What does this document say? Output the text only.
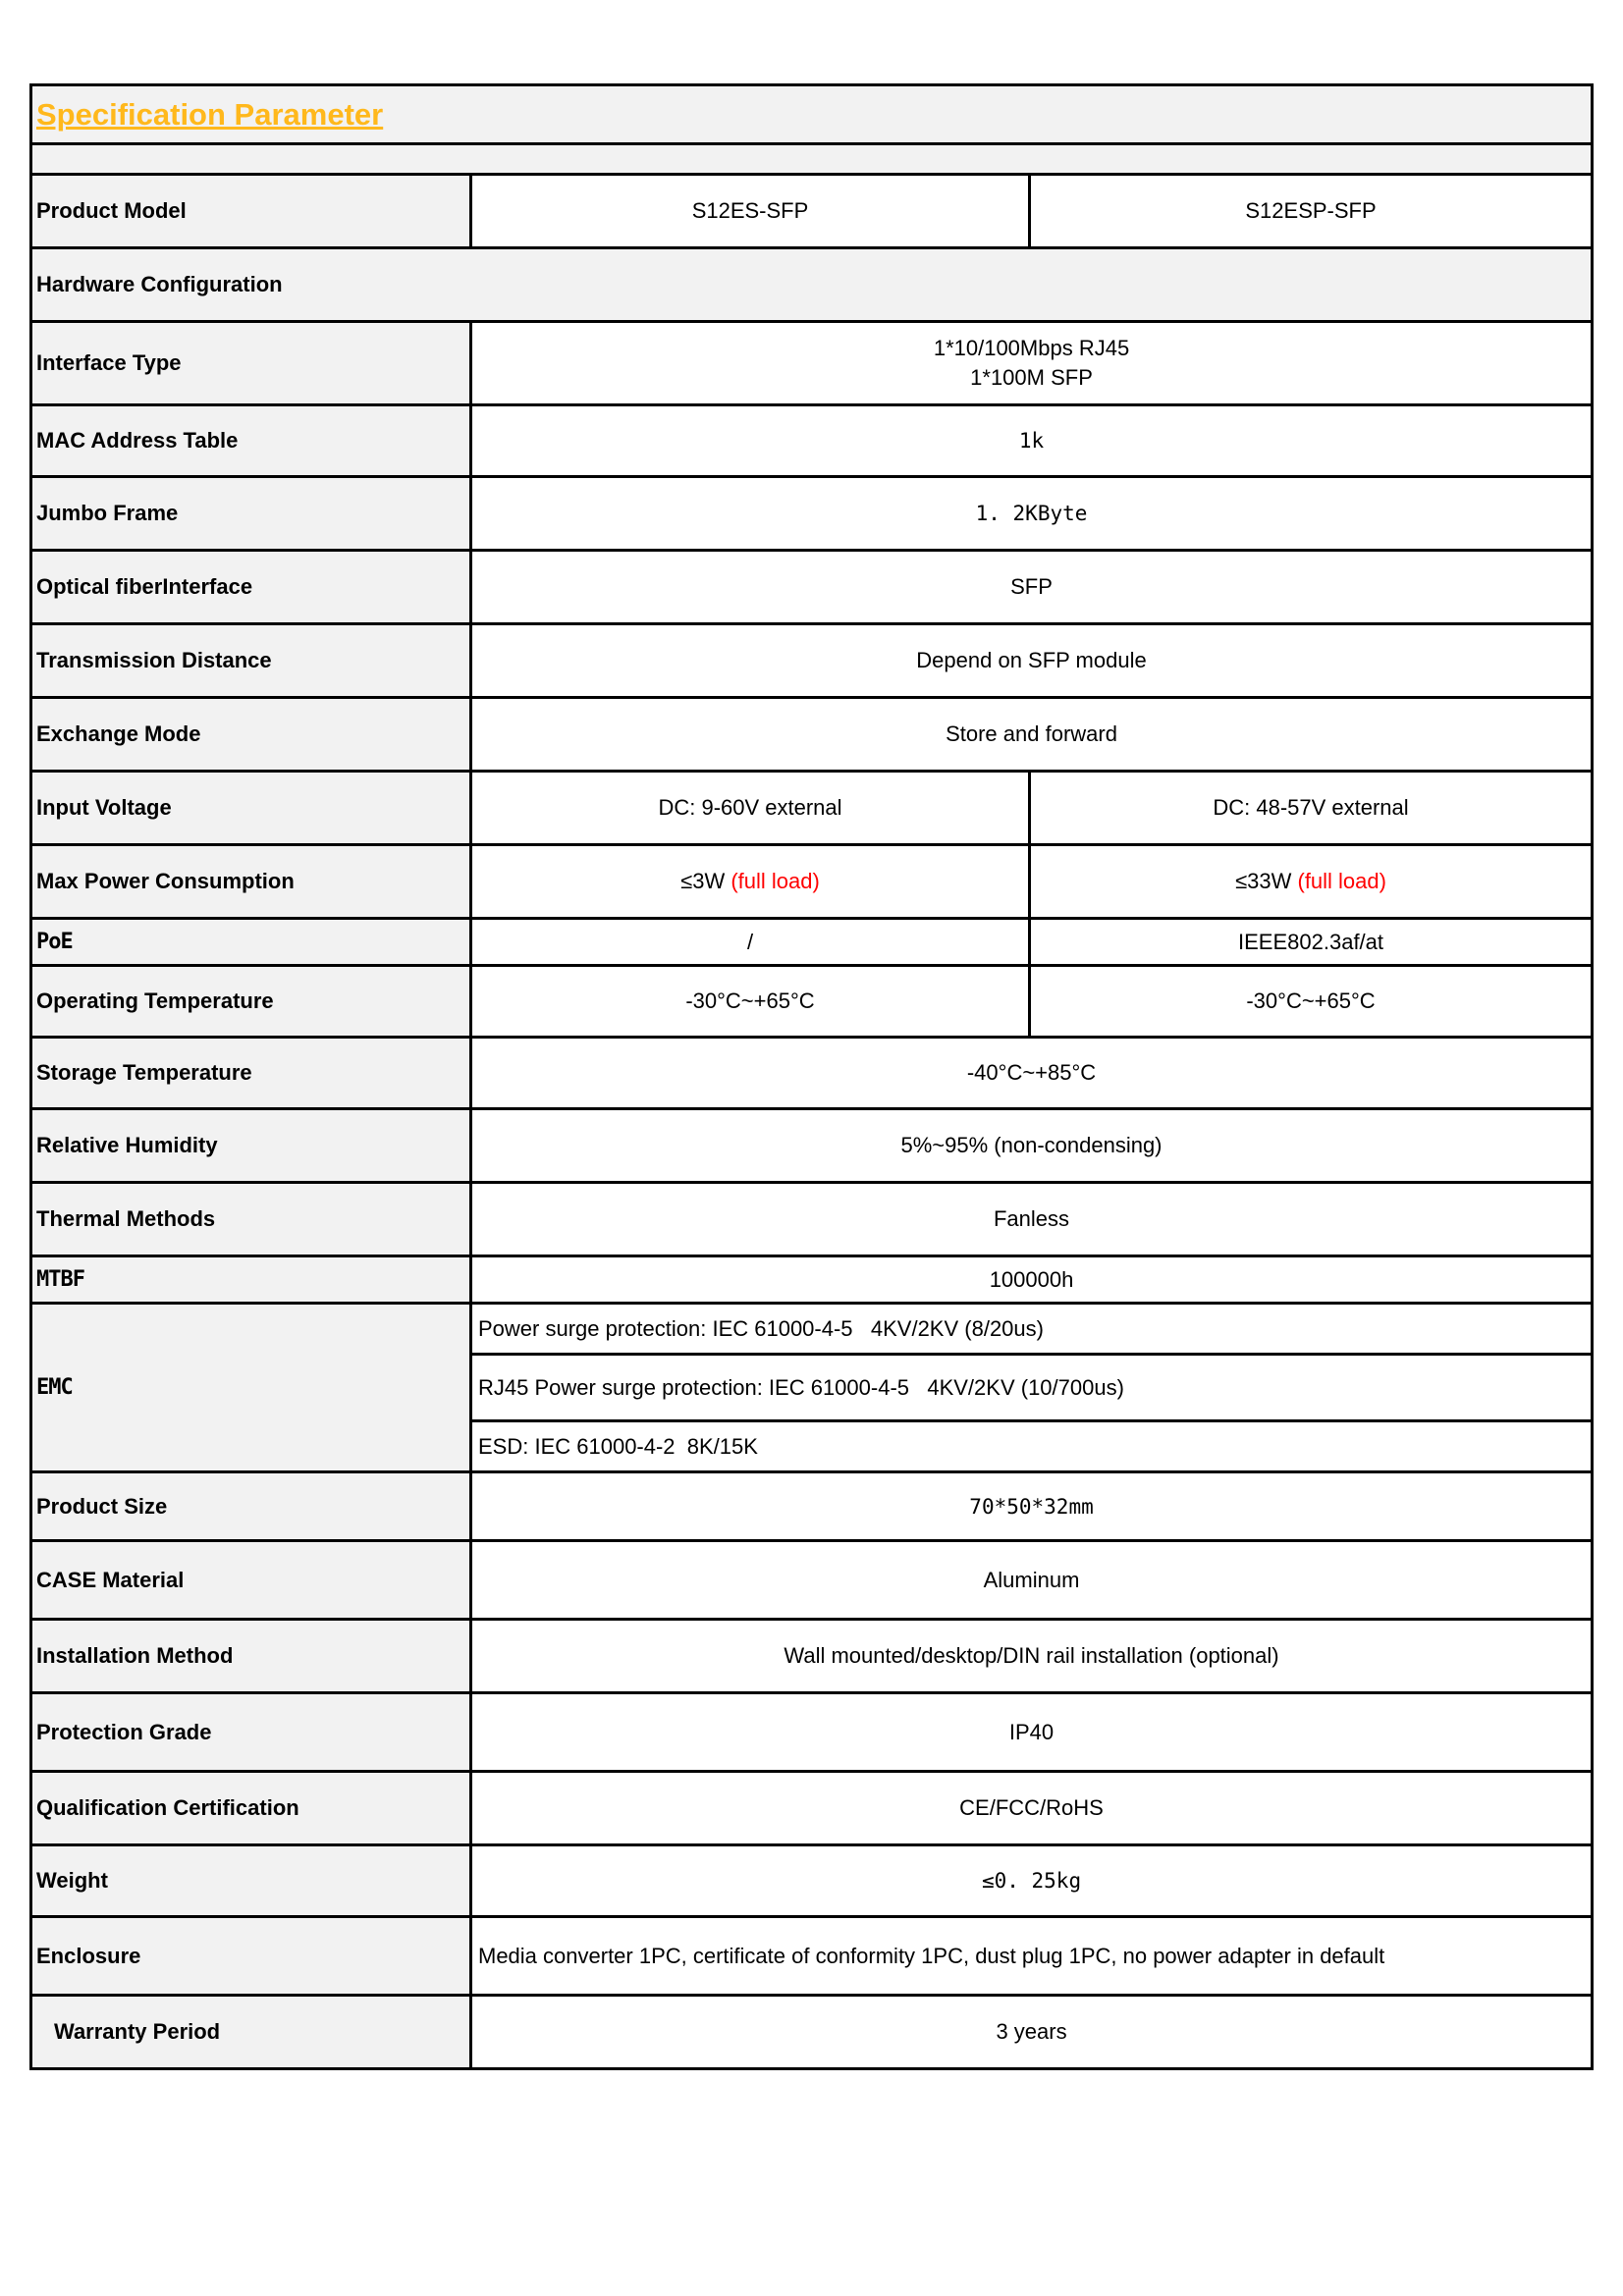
Specification Parameter		

Product Model	S12ES-SFP	S12ESP-SFP
Hardware Configuration		
Interface Type	1*10/100Mbps RJ45
1*100M SFP	

MAC Address Table	1k	
Jumbo Frame	1. 2KByte	
Optical fiberInterface	SFP	
Transmission Distance	Depend on SFP module	
Exchange Mode	Store and forward	
Input Voltage	DC: 9-60V external	DC: 48-57V external
Max Power Consumption	≤3W (full load)	≤33W (full load)
PoE	/	IEEE802.3af/at
Operating Temperature	-30°C~+65°C	-30°C~+65°C
Storage Temperature	-40°C~+85°C	
Relative Humidity	5%~95% (non-condensing)	
Thermal Methods	Fanless	
MTBF	100000h	
EMC	Power surge protection: IEC 61000-4-5   4KV/2KV (8/20us)	
	RJ45 Power surge protection: IEC 61000-4-5   4KV/2KV (10/700us)	
	ESD: IEC 61000-4-2  8K/15K	
Product Size	70*50*32mm	
CASE Material	Aluminum	
Installation Method	Wall mounted/desktop/DIN rail installation (optional)	
Protection Grade	IP40	
Qualification Certification	CE/FCC/RoHS	
Weight	≤0. 25kg	
Enclosure	Media converter 1PC, certificate of conformity 1PC, dust plug 1PC, no power adapter in default	
Warranty Period	3 years	
